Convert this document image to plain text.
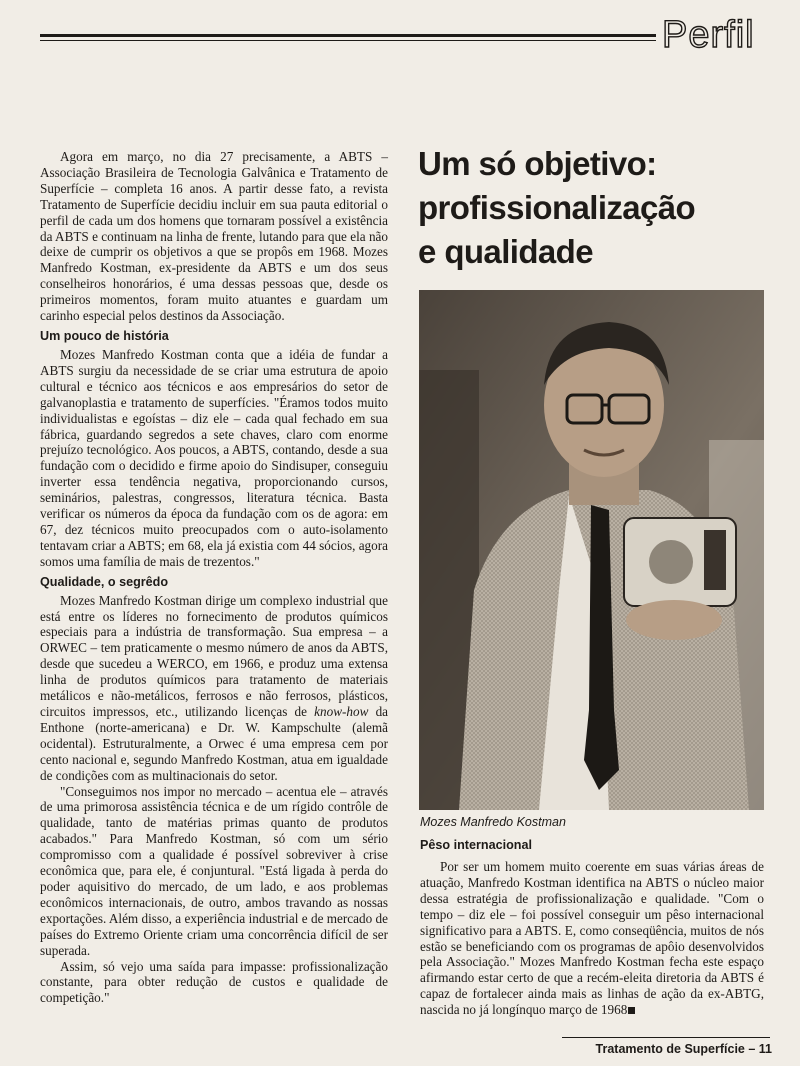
Perfil

Agora em março, no dia 27 precisamente, a ABTS – Associação Brasileira de Tecnologia Galvânica e Tratamento de Superfície – completa 16 anos. A partir desse fato, a revista Tratamento de Superfície decidiu incluir em sua pauta editorial o perfil de cada um dos homens que tornaram possível a existência da ABTS e continuam na linha de frente, lutando para que ela não deixe de cumprir os objetivos a que se propôs em 1968. Mozes Manfredo Kostman, ex-presidente da ABTS e um dos seus conselheiros honorários, é uma dessas pessoas que, desde os primeiros momentos, foram muito atuantes e guardam um carinho especial pelos destinos da Associação.

Um pouco de história

Mozes Manfredo Kostman conta que a idéia de fundar a ABTS surgiu da necessidade de se criar uma estrutura de apoio cultural e técnico aos técnicos e aos empresários do setor de galvanoplastia e tratamento de superfícies. "Éramos todos muito individualistas e egoístas – diz ele – cada qual fechado em sua fábrica, guardando segredos a sete chaves, claro com enorme prejuízo tecnológico. Aos poucos, a ABTS, contando, desde a sua fundação com o decidido e firme apoio do Sindisuper, conseguiu inverter essa tendência negativa, proporcionando cursos, seminários, palestras, congressos, literatura técnica. Basta verificar os números da época da fundação com os de agora: em 67, dez técnicos muito preocupados com o auto-isolamento tentavam criar a ABTS; em 68, ela já existia com 44 sócios, agora somos uma família de mais de trezentos."

Qualidade, o segrêdo

Mozes Manfredo Kostman dirige um complexo industrial que está entre os líderes no fornecimento de produtos químicos especiais para a indústria de transformação. Sua empresa – a ORWEC – tem praticamente o mesmo número de anos da ABTS, desde que sucedeu a WERCO, em 1966, e produz uma extensa linha de produtos químicos para tratamento de materiais metálicos e não-metálicos, ferrosos e não ferrosos, plásticos, circuitos impressos, etc., utilizando licenças de know-how da Enthone (norte-americana) e Dr. W. Kampschulte (alemã ocidental). Estruturalmente, a Orwec é uma empresa cem por cento nacional e, segundo Manfredo Kostman, atua em igualdade de condições com as multinacionais do setor.

"Conseguimos nos impor no mercado – acentua ele – através de uma primorosa assistência técnica e de um rígido contrôle de qualidade, tanto de matérias primas quanto de produtos acabados." Para Manfredo Kostman, só com um sério compromisso com a qualidade é possível sobreviver à crise econômica que, para ele, é conjuntural. "Está ligada à perda do poder aquisitivo do mercado, de um lado, e aos problemas econômicos internacionais, de outro, ambos travando as nossas exportações. Além disso, a experiência industrial e de mercado de países do Extremo Oriente criam uma concorrência difícil de ser superada.

Assim, só vejo uma saída para impasse: profissionalização constante, para obter redução de custos e qualidade de competição."

Um só objetivo:
profissionalização
e qualidade
Mozes Manfredo Kostman
Pêso internacional

Por ser um homem muito coerente em suas várias áreas de atuação, Manfredo Kostman identifica na ABTS o núcleo maior dessa estratégia de profissionalização e qualidade. "Com o tempo – diz ele – foi possível conseguir um pêso internacional significativo para a ABTS. E, como conseqüência, muitos de nós estão se beneficiando com os programas de apôio desenvolvidos pela Associação." Mozes Manfredo Kostman fecha este espaço afirmando estar certo de que a recém-eleita diretoria da ABTS é capaz de fortalecer ainda mais as linhas de ação da ex-ABTG, nascida no já longínquo março de 1968

Tratamento de Superfície – 11
